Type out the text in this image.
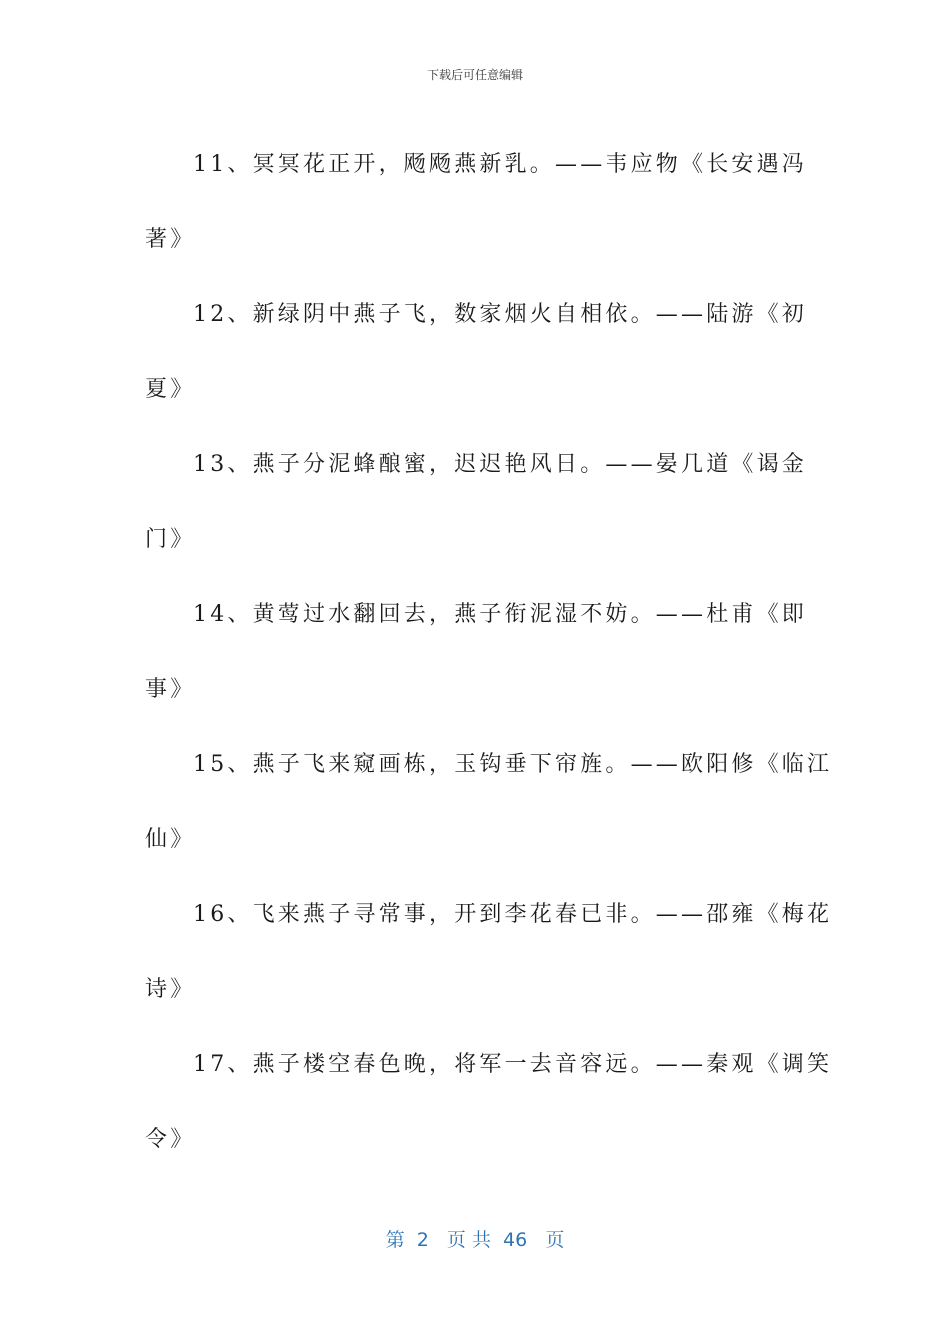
下载后可任意编辑
11、冥冥花正开，飏飏燕新乳。——韦应物《长安遇冯
著》
12、新绿阴中燕子飞，数家烟火自相依。——陆游《初
夏》
13、燕子分泥蜂酿蜜，迟迟艳风日。——晏几道《谒金
门》
14、黄莺过水翻回去，燕子衔泥湿不妨。——杜甫《即
事》
15、燕子飞来窥画栋，玉钩垂下帘旌。——欧阳修《临江
仙》
16、飞来燕子寻常事，开到李花春已非。——邵雍《梅花
诗》
17、燕子楼空春色晚，将军一去音容远。——秦观《调笑
令》
第  2   页 共  46   页
